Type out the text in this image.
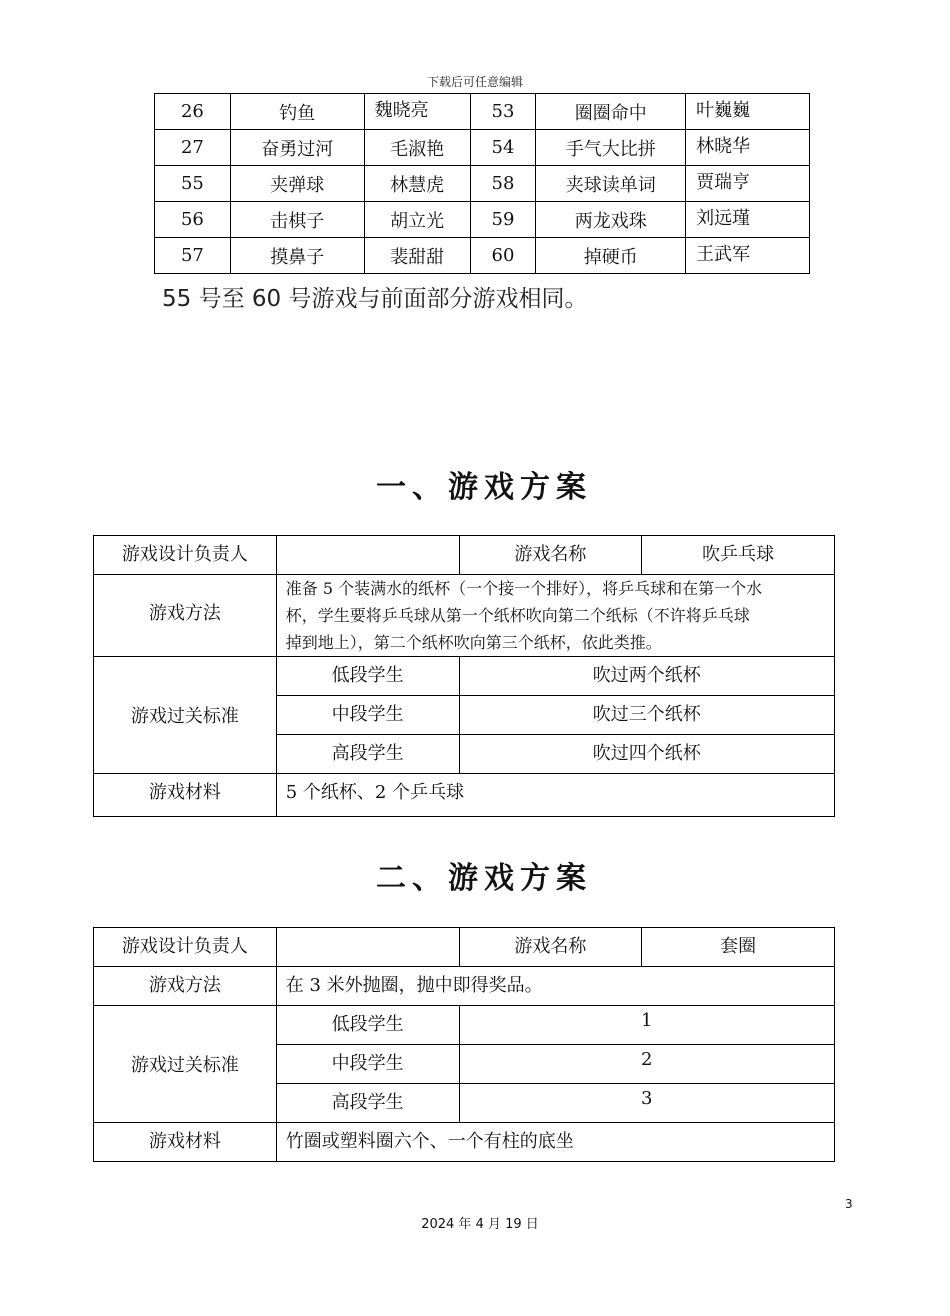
下载后可任意编辑
26	钓鱼	魏晓亮	53	圈圈命中	叶巍巍
27	奋勇过河	毛淑艳	54	手气大比拼	林晓华
55	夹弹球	林慧虎	58	夹球读单词	贾瑞亨
56	击棋子	胡立光	59	两龙戏珠	刘远瑾
57	摸鼻子	裴甜甜	60	掉硬币	王武军
55 号至 60 号游戏与前面部分游戏相同。
一、游戏方案
游戏设计负责人		游戏名称	吹乒乓球
游戏方法	准备 5 个装满水的纸杯（一个接一个排好），将乒乓球和在第一个水
杯，学生要将乒乓球从第一个纸杯吹向第二个纸标（不许将乒乓球
掉到地上），第二个纸杯吹向第三个纸杯，依此类推。		

游戏过关标准	低段学生	吹过两个纸杯	
	中段学生	吹过三个纸杯	
	高段学生	吹过四个纸杯	
游戏材料	5 个纸杯、2 个乒乓球		
二、游戏方案
游戏设计负责人		游戏名称	套圈
游戏方法	在 3 米外抛圈，抛中即得奖品。		
游戏过关标准	低段学生	1	
	中段学生	2	
	高段学生	3	
游戏材料	竹圈或塑料圈六个、一个有柱的底坐		
3
2024 年 4 月 19 日
